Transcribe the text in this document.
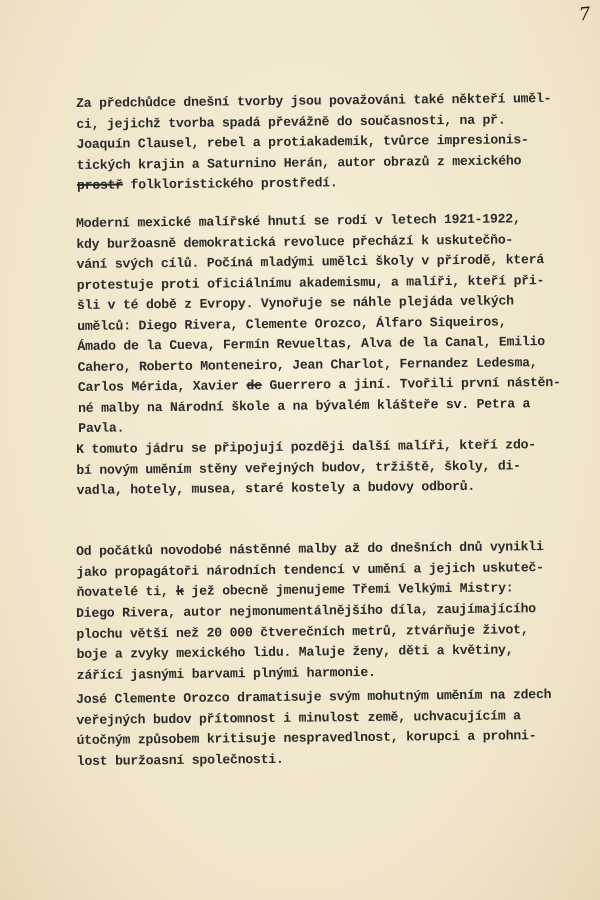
7
Za předchůdce dnešní tvorby jsou považováni také někteří uměl-
ci, jejichž tvorba spadá převážně do současnosti, na př.
Joaquín Clausel, rebel a protiakademik, tvůrce impresionis-
tických krajin a Saturnino Herán, autor obrazů z mexického
prostř folkloristického prostředí.
Moderní mexické malířské hnutí se rodí v letech 1921-1922,
kdy buržoasně demokratická revoluce přechází k uskutečňo-
vání svých cílů. Počíná mladými umělci školy v přírodě, která
protestuje proti oficiálnímu akademismu, a malíři, kteří při-
šli v té době z Evropy. Vynořuje se náhle plejáda velkých
umělců: Diego Rivera, Clemente Orozco, Álfaro Siqueiros,
Ámado de la Cueva, Fermín Revueltas, Alva de la Canal, Emilio
Cahero, Roberto Monteneiro, Jean Charlot, Fernandez Ledesma,
Carlos Mérida, Xavier de Guerrero a jiní. Tvořili první nástěn-
né malby na Národní škole a na bývalém klášteře sv. Petra a
Pavla.
K tomuto jádru se připojují později další malíři, kteří zdo-
bí novým uměním stěny veřejných budov, tržiště, školy, di-
vadla, hotely, musea, staré kostely a budovy odborů.
Od počátků novodobé nástěnné malby až do dnešních dnů vynikli
jako propagátoři národních tendencí v umění a jejich uskuteč-
ňovatelé ti, k jež obecně jmenujeme Třemi Velkými Mistry:
Diego Rivera, autor nejmonumentálnějšího díla, zaujímajícího
plochu větší než 20 000 čtverečních metrů, ztvárňuje život,
boje a zvyky mexického lidu. Maluje ženy, děti a květiny,
zářící jasnými barvami plnými harmonie.
José Clemente Orozco dramatisuje svým mohutným uměním na zdech
veřejných budov přítomnost i minulost země, uchvacujícím a
útočným způsobem kritisuje nespravedlnost, korupci a prohni-
lost buržoasní společnosti.
